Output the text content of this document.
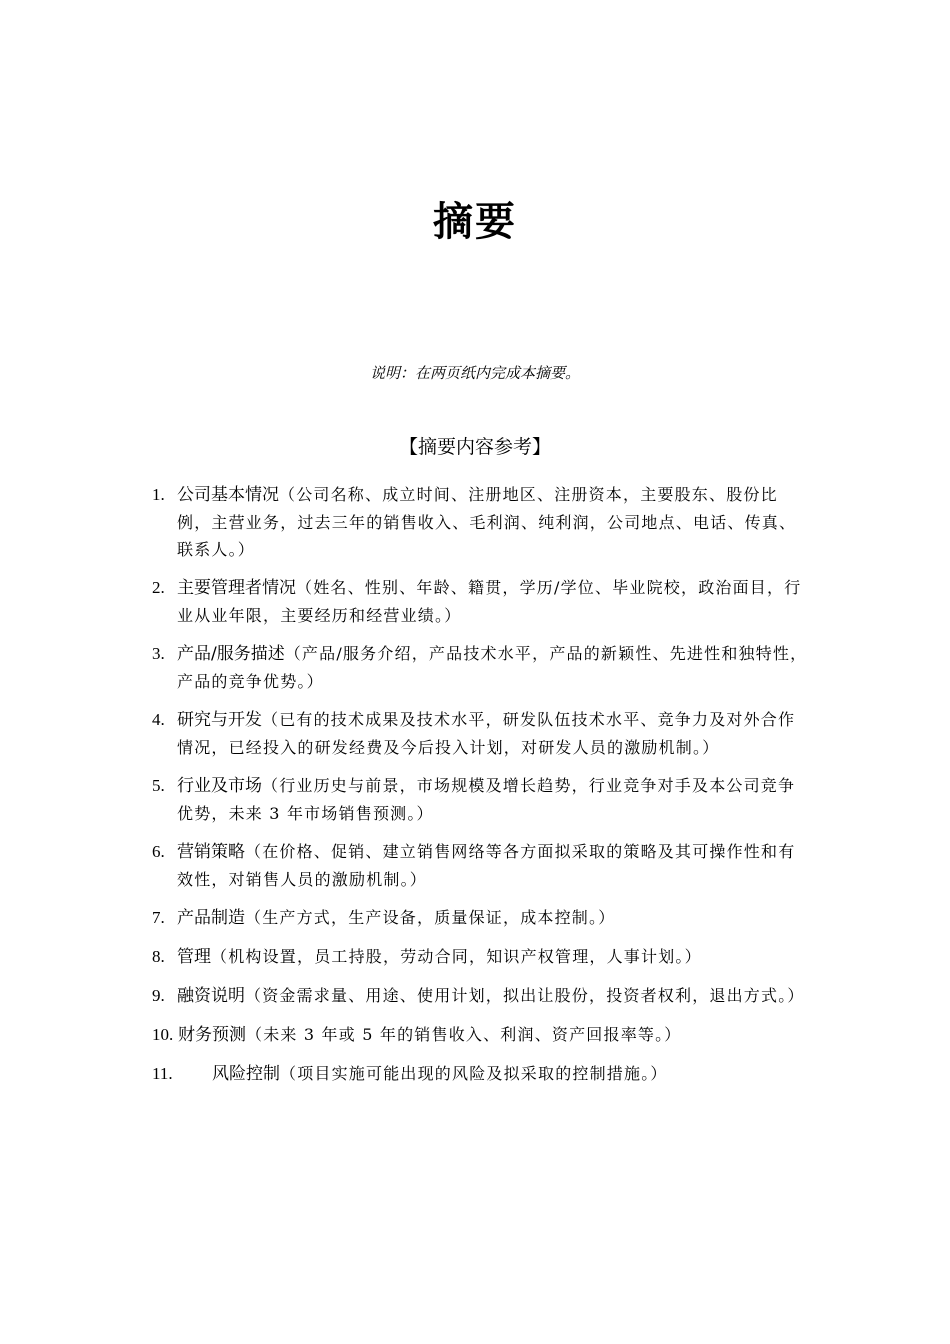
摘要
说明：在两页纸内完成本摘要。
【摘要内容参考】
1. 公司基本情况（公司名称、成立时间、注册地区、注册资本，主要股东、股份比例，主营业务，过去三年的销售收入、毛利润、纯利润，公司地点、电话、传真、联系人。）
2. 主要管理者情况（姓名、性别、年龄、籍贯，学历/学位、毕业院校，政治面目，行业从业年限，主要经历和经营业绩。）
3. 产品/服务描述（产品/服务介绍，产品技术水平，产品的新颖性、先进性和独特性，产品的竞争优势。）
4. 研究与开发（已有的技术成果及技术水平，研发队伍技术水平、竞争力及对外合作情况，已经投入的研发经费及今后投入计划，对研发人员的激励机制。）
5. 行业及市场（行业历史与前景，市场规模及增长趋势，行业竞争对手及本公司竞争优势，未来 3 年市场销售预测。）
6. 营销策略（在价格、促销、建立销售网络等各方面拟采取的策略及其可操作性和有效性，对销售人员的激励机制。）
7. 产品制造（生产方式，生产设备，质量保证，成本控制。）
8. 管理（机构设置，员工持股，劳动合同，知识产权管理，人事计划。）
9. 融资说明（资金需求量、用途、使用计划，拟出让股份，投资者权利，退出方式。）
10. 财务预测（未来 3 年或 5 年的销售收入、利润、资产回报率等。）
11. 风险控制（项目实施可能出现的风险及拟采取的控制措施。）
